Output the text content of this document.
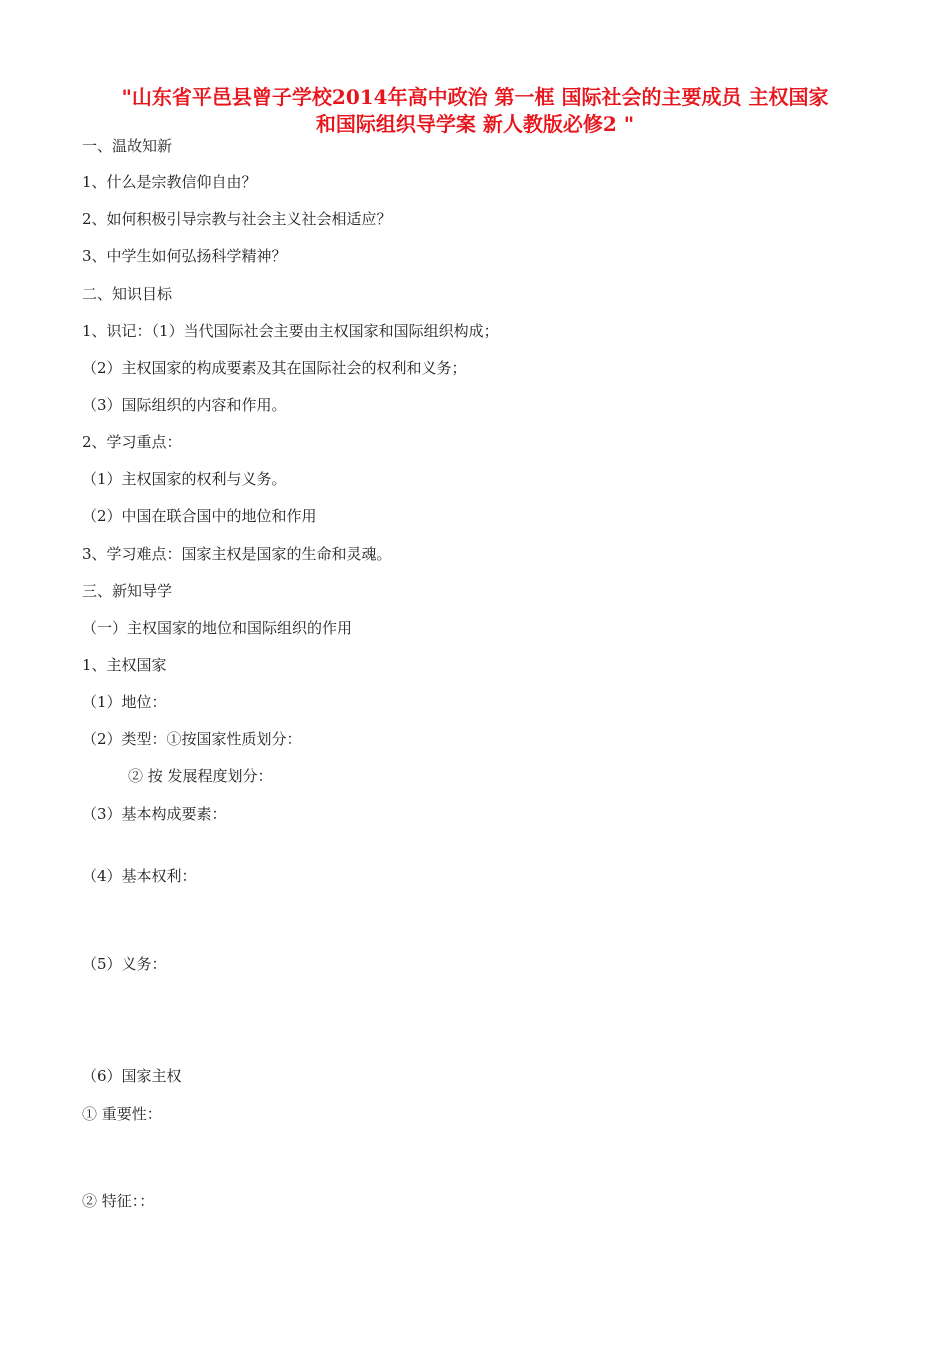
"山东省平邑县曾子学校2014年高中政治 第一框 国际社会的主要成员 主权国家
和国际组织导学案 新人教版必修2 "
一、温故知新
1、什么是宗教信仰自由？
2、如何积极引导宗教与社会主义社会相适应？
3、中学生如何弘扬科学精神？
二、知识目标
1、识记：（1）当代国际社会主要由主权国家和国际组织构成；
（2）主权国家的构成要素及其在国际社会的权利和义务；
（3）国际组织的内容和作用。
2、学习重点：
（1）主权国家的权利与义务。
（2）中国在联合国中的地位和作用
3、学习难点：国家主权是国家的生命和灵魂。
三、新知导学
（一）主权国家的地位和国际组织的作用
1、主权国家
（1）地位：
（2）类型：①按国家性质划分：
② 按 发展程度划分：
（3）基本构成要素：
（4）基本权利：
（5）义务：
（6）国家主权
① 重要性：
② 特征：：
